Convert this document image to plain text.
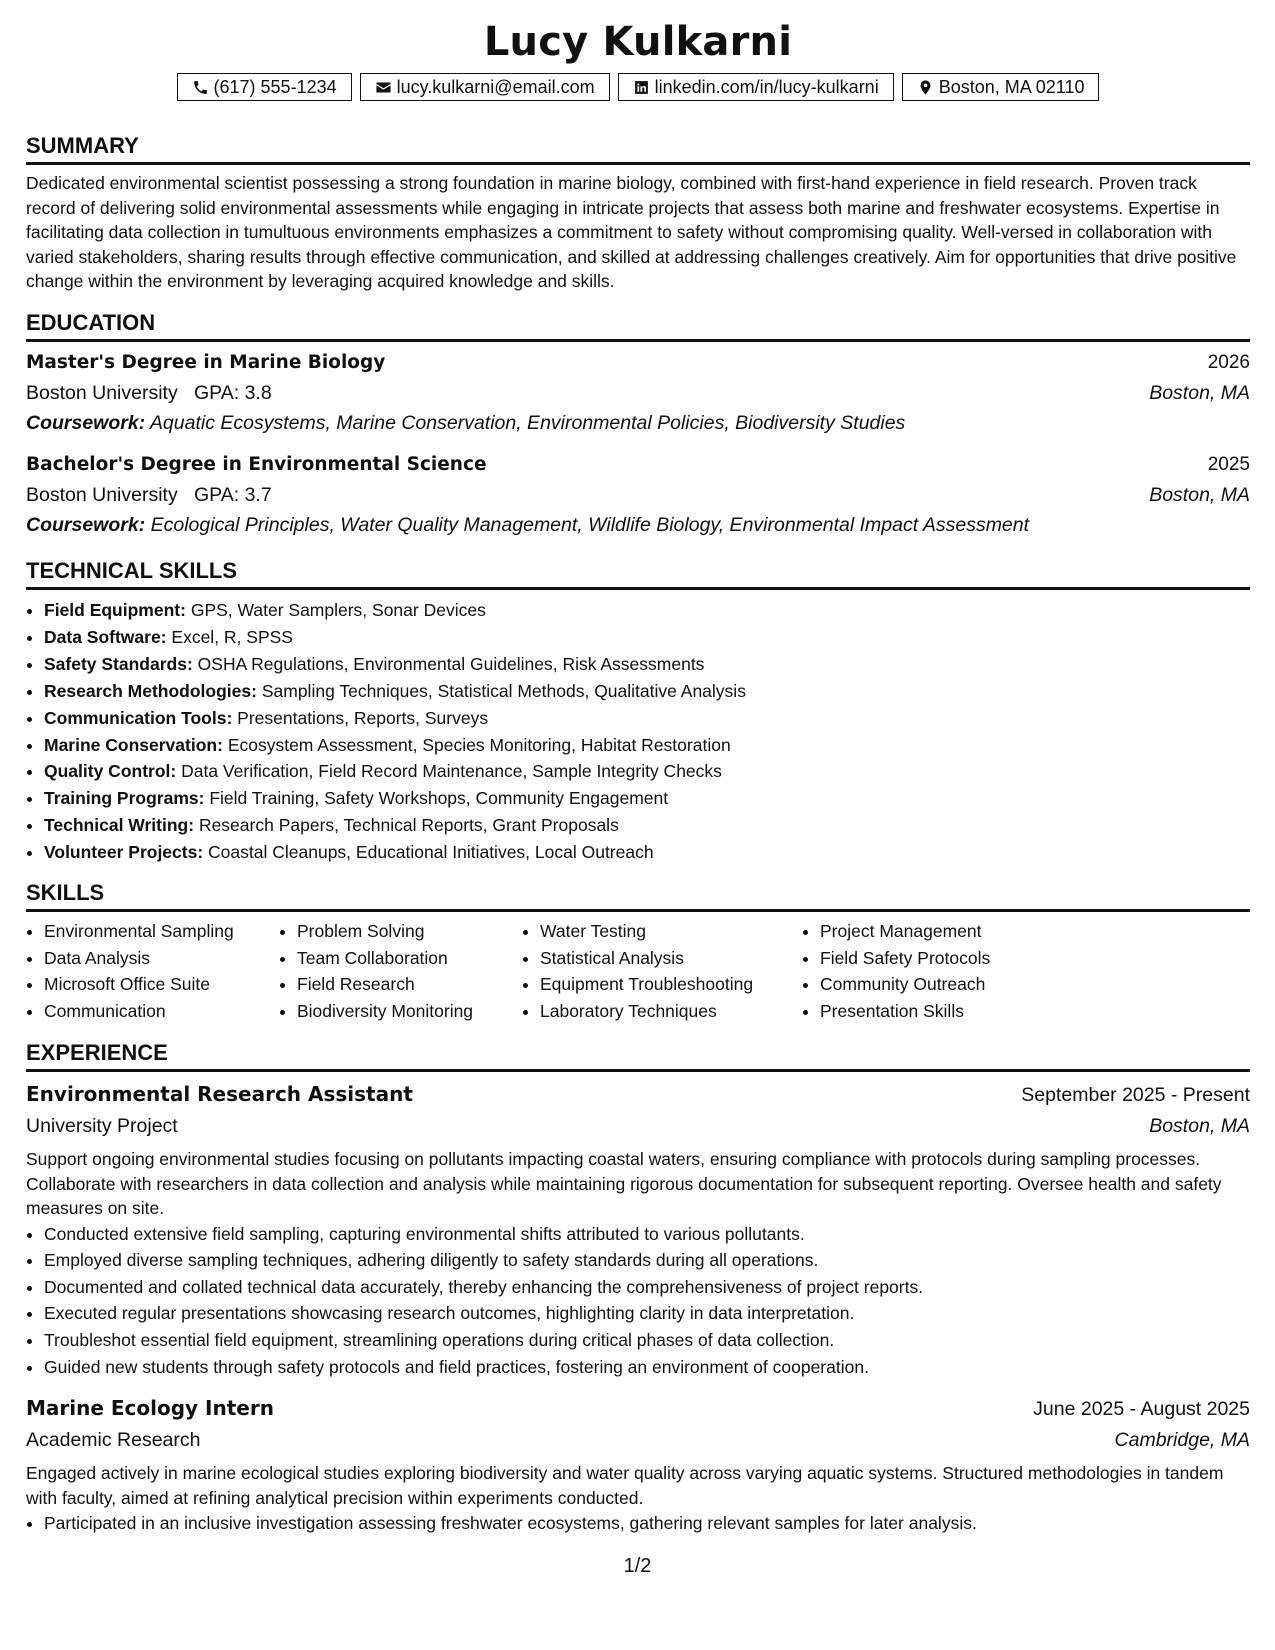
Lucy Kulkarni
(617) 555-1234	lucy.kulkarni@email.com	linkedin.com/in/lucy-kulkarni	Boston, MA 02110
SUMMARY

Dedicated environmental scientist possessing a strong foundation in marine biology, combined with first-hand experience in field research. Proven track record of delivering solid environmental assessments while engaging in intricate projects that assess both marine and freshwater ecosystems. Expertise in facilitating data collection in tumultuous environments emphasizes a commitment to safety without compromising quality. Well-versed in collaboration with varied stakeholders, sharing results through effective communication, and skilled at addressing challenges creatively. Aim for opportunities that drive positive change within the environment by leveraging acquired knowledge and skills.

EDUCATION
Master's Degree in Marine Biology	2026
Boston University GPA: 3.8	Boston, MA
Coursework: Aquatic Ecosystems, Marine Conservation, Environmental Policies, Biodiversity Studies
Bachelor's Degree in Environmental Science	2025
Boston University GPA: 3.7	Boston, MA
Coursework: Ecological Principles, Water Quality Management, Wildlife Biology, Environmental Impact Assessment
TECHNICAL SKILLS
• Field Equipment: GPS, Water Samplers, Sonar Devices
• Data Software: Excel, R, SPSS
• Safety Standards: OSHA Regulations, Environmental Guidelines, Risk Assessments
• Research Methodologies: Sampling Techniques, Statistical Methods, Qualitative Analysis
• Communication Tools: Presentations, Reports, Surveys
• Marine Conservation: Ecosystem Assessment, Species Monitoring, Habitat Restoration
• Quality Control: Data Verification, Field Record Maintenance, Sample Integrity Checks
• Training Programs: Field Training, Safety Workshops, Community Engagement
• Technical Writing: Research Papers, Technical Reports, Grant Proposals
• Volunteer Projects: Coastal Cleanups, Educational Initiatives, Local Outreach
SKILLS
• Environmental Sampling
• Data Analysis
• Microsoft Office Suite
• Communication
• Problem Solving
• Team Collaboration
• Field Research
• Biodiversity Monitoring
• Water Testing
• Statistical Analysis
• Equipment Troubleshooting
• Laboratory Techniques
• Project Management
• Field Safety Protocols
• Community Outreach
• Presentation Skills
EXPERIENCE
Environmental Research Assistant	September 2025 - Present
University Project	Boston, MA

Support ongoing environmental studies focusing on pollutants impacting coastal waters, ensuring compliance with protocols during sampling processes. Collaborate with researchers in data collection and analysis while maintaining rigorous documentation for subsequent reporting. Oversee health and safety measures on site.

• Conducted extensive field sampling, capturing environmental shifts attributed to various pollutants.
• Employed diverse sampling techniques, adhering diligently to safety standards during all operations.
• Documented and collated technical data accurately, thereby enhancing the comprehensiveness of project reports.
• Executed regular presentations showcasing research outcomes, highlighting clarity in data interpretation.
• Troubleshot essential field equipment, streamlining operations during critical phases of data collection.
• Guided new students through safety protocols and field practices, fostering an environment of cooperation.
Marine Ecology Intern	June 2025 - August 2025
Academic Research	Cambridge, MA

Engaged actively in marine ecological studies exploring biodiversity and water quality across varying aquatic systems. Structured methodologies in tandem with faculty, aimed at refining analytical precision within experiments conducted.

• Participated in an inclusive investigation assessing freshwater ecosystems, gathering relevant samples for later analysis.
1/2
